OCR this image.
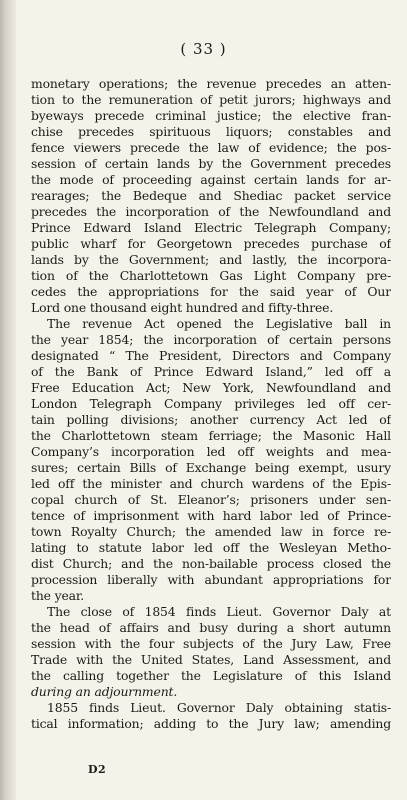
( 33 )
monetary operations; the revenue precedes an atten-
tion to the remuneration of petit jurors; highways and
byeways precede criminal justice; the elective fran-
chise precedes spirituous liquors; constables and
fence viewers precede the law of evidence; the pos-
session of certain lands by the Government precedes
the mode of proceeding against certain lands for ar-
rearages; the Bedeque and Shediac packet service
precedes the incorporation of the Newfoundland and
Prince Edward Island Electric Telegraph Company;
public wharf for Georgetown precedes purchase of
lands by the Government; and lastly, the incorpora-
tion of the Charlottetown Gas Light Company pre-
cedes the appropriations for the said year of Our
Lord one thousand eight hundred and fifty-three.
The revenue Act opened the Legislative ball in
the year 1854; the incorporation of certain persons
designated “ The President, Directors and Company
of the Bank of Prince Edward Island,” led off a
Free Education Act; New York, Newfoundland and
London Telegraph Company privileges led off cer-
tain polling divisions; another currency Act led of
the Charlottetown steam ferriage; the Masonic Hall
Company’s incorporation led off weights and mea-
sures; certain Bills of Exchange being exempt, usury
led off the minister and church wardens of the Epis-
copal church of St. Eleanor’s; prisoners under sen-
tence of imprisonment with hard labor led of Prince-
town Royalty Church; the amended law in force re-
lating to statute labor led off the Wesleyan Metho-
dist Church; and the non-bailable process closed the
procession liberally with abundant appropriations for
the year.
The close of 1854 finds Lieut. Governor Daly at
the head of affairs and busy during a short autumn
session with the four subjects of the Jury Law, Free
Trade with the United States, Land Assessment, and
the calling together the Legislature of this Island
during an adjournment.
1855 finds Lieut. Governor Daly obtaining statis-
tical information; adding to the Jury law; amending
D2
